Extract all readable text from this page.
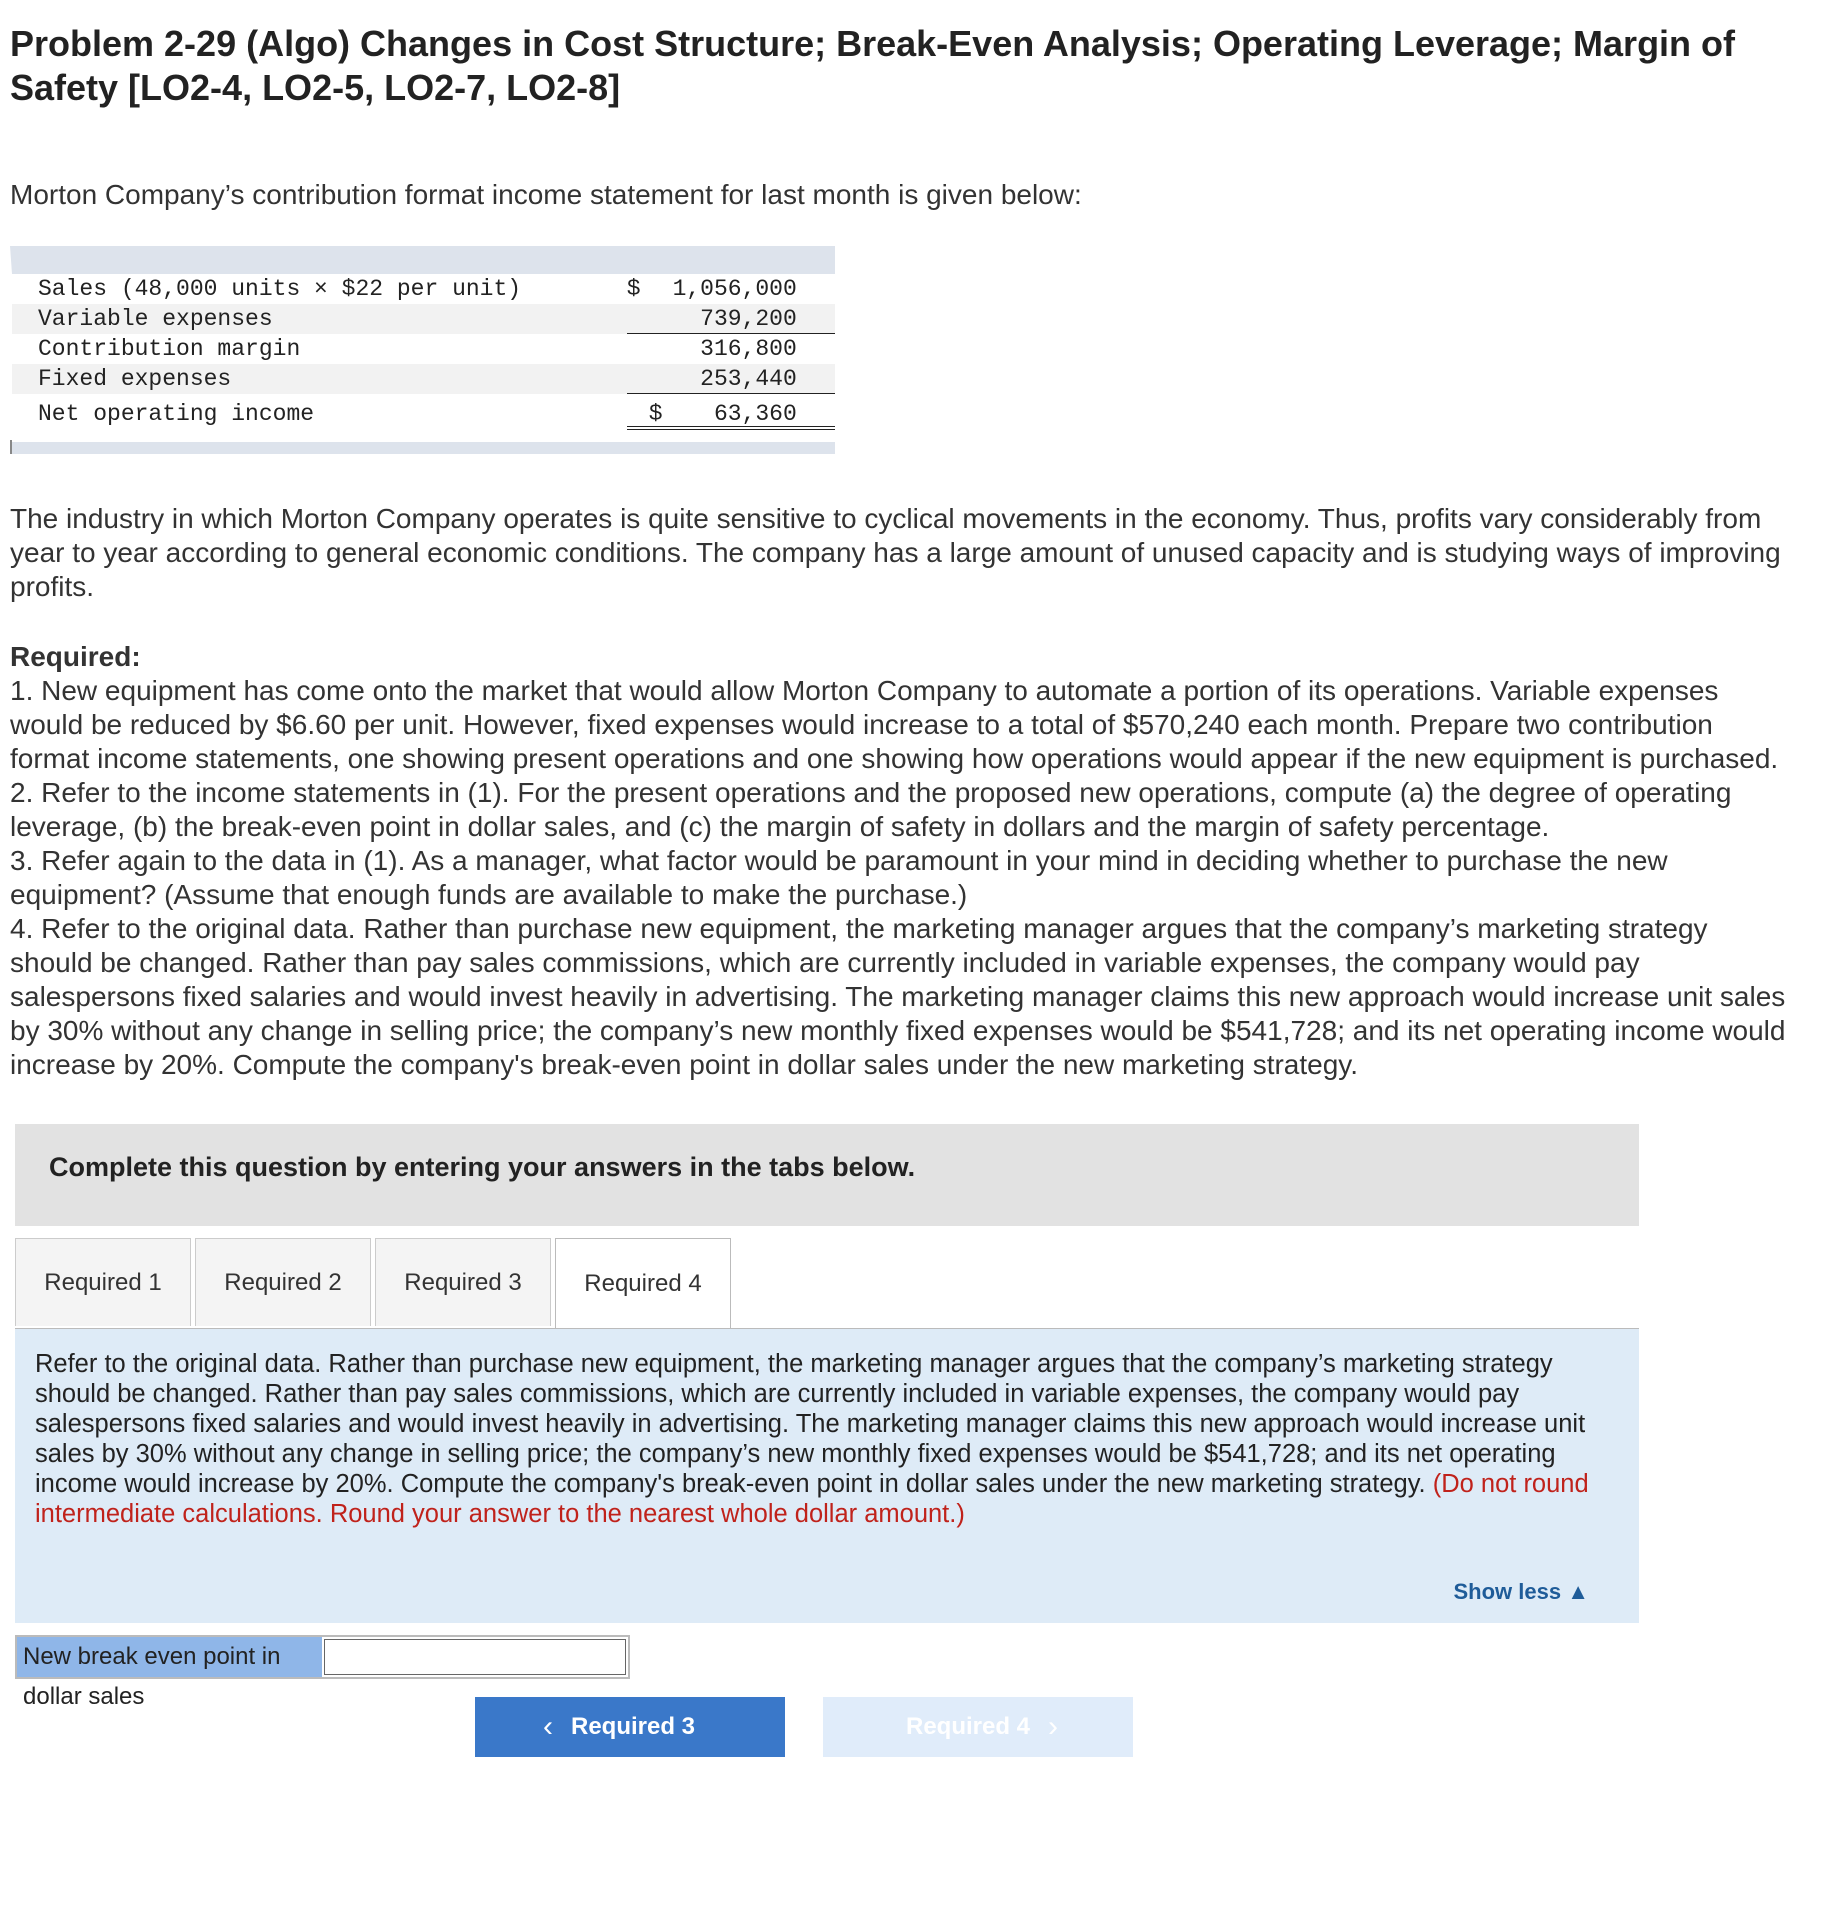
Problem 2-29 (Algo) Changes in Cost Structure; Break-Even Analysis; Operating Leverage; Margin of Safety [LO2-4, LO2-5, LO2-7, LO2-8]

Morton Company’s contribution format income statement for last month is given below:

Sales (48,000 units × $22 per unit)	$	1,056,000
Variable expenses	739,200
Contribution margin	316,800
Fixed expenses	253,440
Net operating income	$	63,360

The industry in which Morton Company operates is quite sensitive to cyclical movements in the economy. Thus, profits vary considerably from year to year according to general economic conditions. The company has a large amount of unused capacity and is studying ways of improving profits.

Required:
1. New equipment has come onto the market that would allow Morton Company to automate a portion of its operations. Variable expenses would be reduced by $6.60 per unit. However, fixed expenses would increase to a total of $570,240 each month. Prepare two contribution format income statements, one showing present operations and one showing how operations would appear if the new equipment is purchased.
2. Refer to the income statements in (1). For the present operations and the proposed new operations, compute (a) the degree of operating leverage, (b) the break-even point in dollar sales, and (c) the margin of safety in dollars and the margin of safety percentage.
3. Refer again to the data in (1). As a manager, what factor would be paramount in your mind in deciding whether to purchase the new equipment? (Assume that enough funds are available to make the purchase.)
4. Refer to the original data. Rather than purchase new equipment, the marketing manager argues that the company’s marketing strategy should be changed. Rather than pay sales commissions, which are currently included in variable expenses, the company would pay salespersons fixed salaries and would invest heavily in advertising. The marketing manager claims this new approach would increase unit sales by 30% without any change in selling price; the company’s new monthly fixed expenses would be $541,728; and its net operating income would increase by 20%. Compute the company's break-even point in dollar sales under the new marketing strategy.
Complete this question by entering your answers in the tabs below.
Required 1	Required 2	Required 3	Required 4

Refer to the original data. Rather than purchase new equipment, the marketing manager argues that the company’s marketing strategy should be changed. Rather than pay sales commissions, which are currently included in variable expenses, the company would pay salespersons fixed salaries and would invest heavily in advertising. The marketing manager claims this new approach would increase unit sales by 30% without any change in selling price; the company’s new monthly fixed expenses would be $541,728; and its net operating income would increase by 20%. Compute the company's break-even point in dollar sales under the new marketing strategy. (Do not round intermediate calculations. Round your answer to the nearest whole dollar amount.)

Show less ▲
New break even point in dollar sales
‹ Required 3	Required 4 ›
